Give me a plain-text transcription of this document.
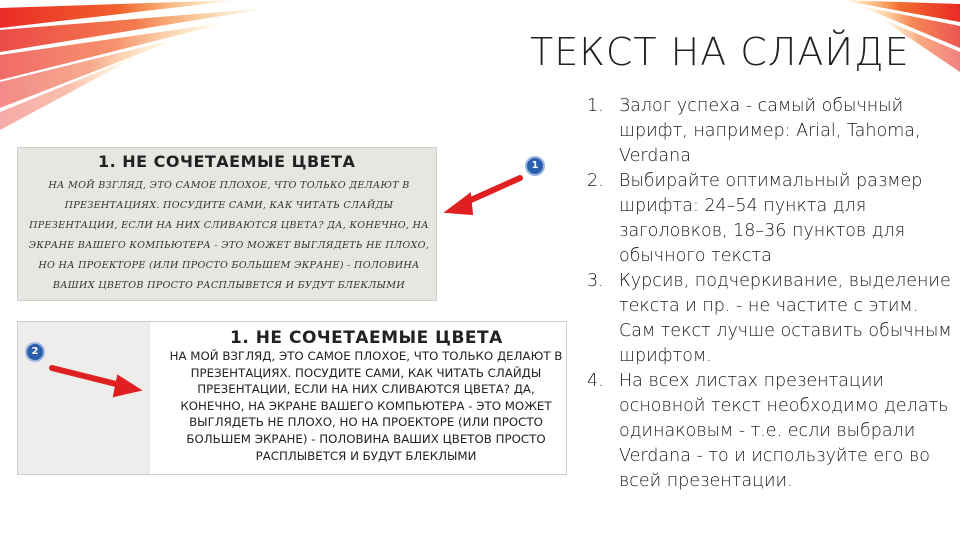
ТЕКСТ НА СЛАЙДЕ
1. Залог успеха - самый обычный шрифт, например: Arial, Tahoma, Verdana
2. Выбирайте оптимальный размер шрифта: 24–54 пункта для заголовков, 18–36 пунктов для обычного текста
3. Курсив, подчеркивание, выделение текста и пр. - не частите с этим. Сам текст лучше оставить обычным шрифтом.
4. На всех листах презентации основной текст необходимо делать одинаковым - т.е. если выбрали Verdana - то и используйте его во всей презентации.
1. НЕ СОЧЕТАЕМЫЕ ЦВЕТА
НА МОЙ ВЗГЛЯД, ЭТО САМОЕ ПЛОХОЕ, ЧТО ТОЛЬКО ДЕЛАЮТ В ПРЕЗЕНТАЦИЯХ. ПОСУДИТЕ САМИ, КАК ЧИТАТЬ СЛАЙДЫ ПРЕЗЕНТАЦИИ, ЕСЛИ НА НИХ СЛИВАЮТСЯ ЦВЕТА? ДА, КОНЕЧНО, НА ЭКРАНЕ ВАШЕГО КОМПЬЮТЕРА - ЭТО МОЖЕТ ВЫГЛЯДЕТЬ НЕ ПЛОХО, НО НА ПРОЕКТОРЕ (ИЛИ ПРОСТО БОЛЬШЕМ ЭКРАНЕ) - ПОЛОВИНА ВАШИХ ЦВЕТОВ ПРОСТО РАСПЛЫВЕТСЯ И БУДУТ БЛЕКЛЫМИ
1. НЕ СОЧЕТАЕМЫЕ ЦВЕТА
НА МОЙ ВЗГЛЯД, ЭТО САМОЕ ПЛОХОЕ, ЧТО ТОЛЬКО ДЕЛАЮТ В ПРЕЗЕНТАЦИЯХ. ПОСУДИТЕ САМИ, КАК ЧИТАТЬ СЛАЙДЫ ПРЕЗЕНТАЦИИ, ЕСЛИ НА НИХ СЛИВАЮТСЯ ЦВЕТА? ДА, КОНЕЧНО, НА ЭКРАНЕ ВАШЕГО КОМПЬЮТЕРА - ЭТО МОЖЕТ ВЫГЛЯДЕТЬ НЕ ПЛОХО, НО НА ПРОЕКТОРЕ (ИЛИ ПРОСТО БОЛЬШЕМ ЭКРАНЕ) - ПОЛОВИНА ВАШИХ ЦВЕТОВ ПРОСТО РАСПЛЫВЕТСЯ И БУДУТ БЛЕКЛЫМИ
1
2
